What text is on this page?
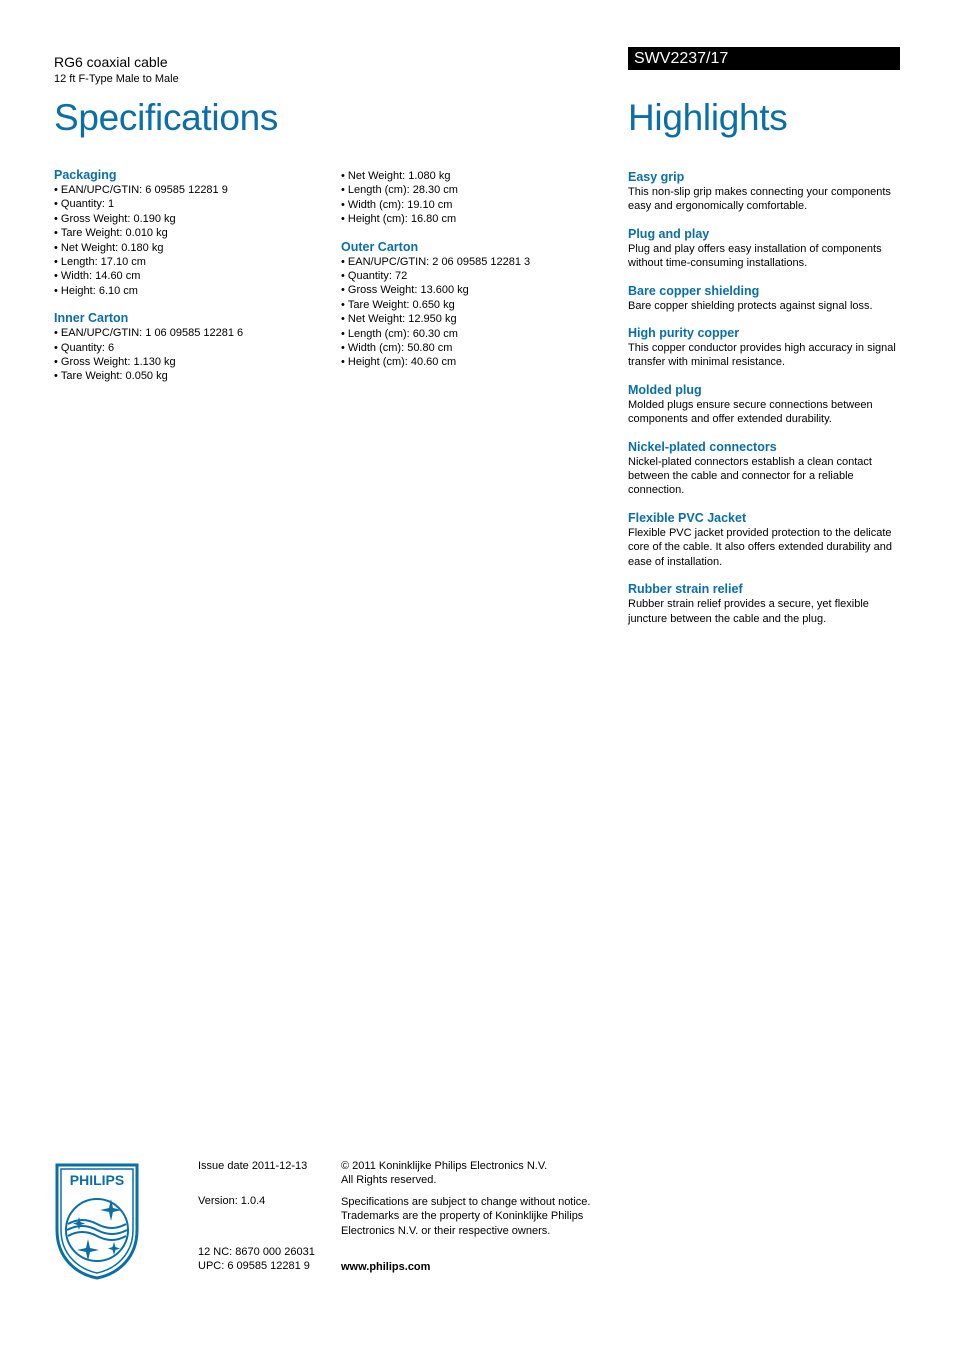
RG6 coaxial cable
12 ft F-Type Male to Male
Specifications
SWV2237/17
Highlights
Packaging
• EAN/UPC/GTIN: 6 09585 12281 9
• Quantity: 1
• Gross Weight: 0.190 kg
• Tare Weight: 0.010 kg
• Net Weight: 0.180 kg
• Length: 17.10 cm
• Width: 14.60 cm
• Height: 6.10 cm
Inner Carton
• EAN/UPC/GTIN: 1 06 09585 12281 6
• Quantity: 6
• Gross Weight: 1.130 kg
• Tare Weight: 0.050 kg
• Net Weight: 1.080 kg
• Length (cm): 28.30 cm
• Width (cm): 19.10 cm
• Height (cm): 16.80 cm
Outer Carton
• EAN/UPC/GTIN: 2 06 09585 12281 3
• Quantity: 72
• Gross Weight: 13.600 kg
• Tare Weight: 0.650 kg
• Net Weight: 12.950 kg
• Length (cm): 60.30 cm
• Width (cm): 50.80 cm
• Height (cm): 40.60 cm
Easy grip
This non-slip grip makes connecting your components easy and ergonomically comfortable.
Plug and play
Plug and play offers easy installation of components without time-consuming installations.
Bare copper shielding
Bare copper shielding protects against signal loss.
High purity copper
This copper conductor provides high accuracy in signal transfer with minimal resistance.
Molded plug
Molded plugs ensure secure connections between components and offer extended durability.
Nickel-plated connectors
Nickel-plated connectors establish a clean contact between the cable and connector for a reliable connection.
Flexible PVC Jacket
Flexible PVC jacket provided protection to the delicate core of the cable. It also offers extended durability and ease of installation.
Rubber strain relief
Rubber strain relief provides a secure, yet flexible juncture between the cable and the plug.
PHILIPS
Issue date 2011-12-13
Version: 1.0.4
12 NC: 8670 000 26031
UPC: 6 09585 12281 9
© 2011 Koninklijke Philips Electronics N.V.
All Rights reserved.
Specifications are subject to change without notice.
Trademarks are the property of Koninklijke Philips
Electronics N.V. or their respective owners.
www.philips.com
